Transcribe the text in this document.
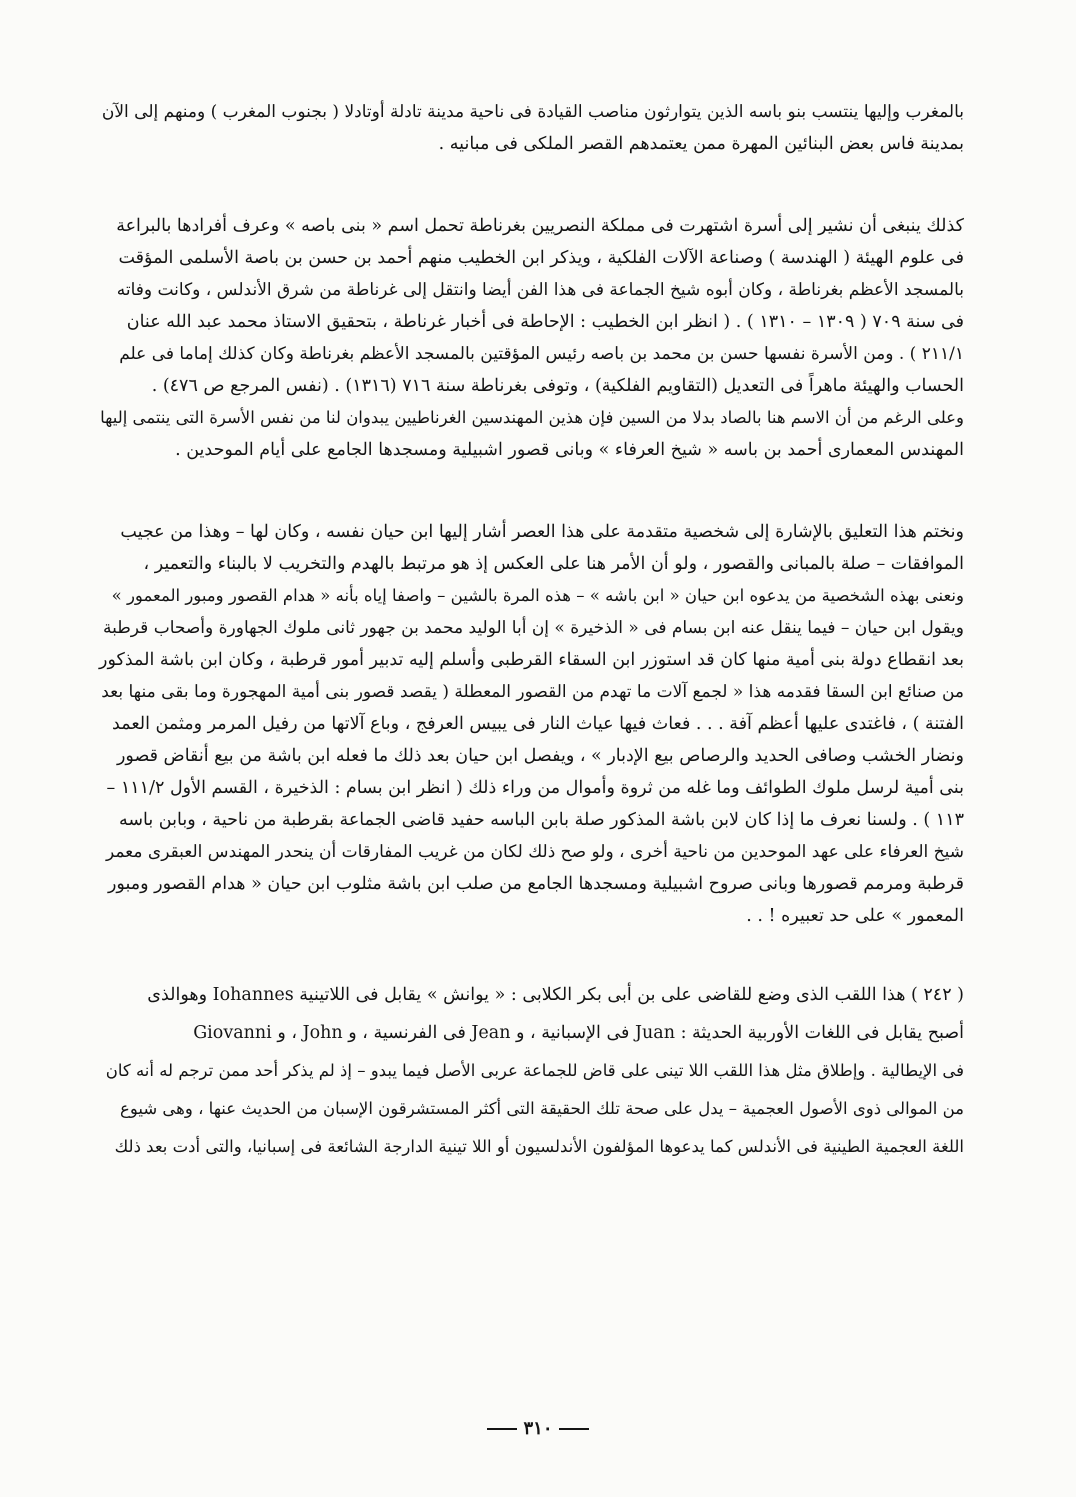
بالمغرب وإليها ينتسب بنو باسه الذين يتوارثون مناصب القيادة فى ناحية مدينة تادلة أوتادلا ( بجنوب المغرب ) ومنهم إلى الآن
بمدينة فاس بعض البنائين المهرة ممن يعتمدهم القصر الملكى فى مبانيه .

كذلك ينبغى أن نشير إلى أسرة اشتهرت فى مملكة النصريين بغرناطة تحمل اسم « بنى باصه » وعرف أفرادها بالبراعة
فى علوم الهيئة ( الهندسة ) وصناعة الآلات الفلكية ، ويذكر ابن الخطيب منهم أحمد بن حسن بن باصة الأسلمى المؤقت
بالمسجد الأعظم بغرناطة ، وكان أبوه شيخ الجماعة فى هذا الفن أيضا وانتقل إلى غرناطة من شرق الأندلس ، وكانت وفاته
فى سنة ٧٠٩ ( ١٣٠٩ – ١٣١٠ ) . ( انظر ابن الخطيب : الإحاطة فى أخبار غرناطة ، بتحقيق الاستاذ محمد عبد الله عنان
٢١١/١ ) . ومن الأسرة نفسها حسن بن محمد بن باصه رئيس المؤقتين بالمسجد الأعظم بغرناطة وكان كذلك إماما فى علم
الحساب والهيئة ماهراً فى التعديل (التقاويم الفلكية) ، وتوفى بغرناطة سنة ٧١٦ (١٣١٦) . (نفس المرجع ص ٤٧٦) .
وعلى الرغم من أن الاسم هنا بالصاد بدلا من السين فإن هذين المهندسين الغرناطيين يبدوان لنا من نفس الأسرة التى ينتمى إليها
المهندس المعمارى أحمد بن باسه « شيخ العرفاء » وبانى قصور اشبيلية ومسجدها الجامع على أيام الموحدين .

ونختم هذا التعليق بالإشارة إلى شخصية متقدمة على هذا العصر أشار إليها ابن حيان نفسه ، وكان لها – وهذا من عجيب
الموافقات – صلة بالمبانى والقصور ، ولو أن الأمر هنا على العكس إذ هو مرتبط بالهدم والتخريب لا بالبناء والتعمير ،
ونعنى بهذه الشخصية من يدعوه ابن حيان « ابن باشه » – هذه المرة بالشين – واصفا إياه بأنه « هدام القصور ومبور المعمور »
ويقول ابن حيان – فيما ينقل عنه ابن بسام فى « الذخيرة » إن أبا الوليد محمد بن جهور ثانى ملوك الجهاورة وأصحاب قرطبة
بعد انقطاع دولة بنى أمية منها كان قد استوزر ابن السقاء القرطبى وأسلم إليه تدبير أمور قرطبة ، وكان ابن باشة المذكور
من صنائع ابن السقا فقدمه هذا « لجمع آلات ما تهدم من القصور المعطلة ( يقصد قصور بنى أمية المهجورة وما بقى منها بعد
الفتنة ) ، فاغتدى عليها أعظم آفة . . . فعاث فيها عياث النار فى يبيس العرفج ، وباع آلاتها من رفيل المرمر ومثمن العمد
ونضار الخشب وصافى الحديد والرصاص بيع الإدبار » ، ويفصل ابن حيان بعد ذلك ما فعله ابن باشة من بيع أنقاض قصور
بنى أمية لرسل ملوك الطوائف وما غله من ثروة وأموال من وراء ذلك ( انظر ابن بسام : الذخيرة ، القسم الأول ١١١/٢ –
١١٣ ) . ولسنا نعرف ما إذا كان لابن باشة المذكور صلة بابن الباسه حفيد قاضى الجماعة بقرطبة من ناحية ، وبابن باسه
شيخ العرفاء على عهد الموحدين من ناحية أخرى ، ولو صح ذلك لكان من غريب المفارقات أن ينحدر المهندس العبقرى معمر
قرطبة ومرمم قصورها وبانى صروح اشبيلية ومسجدها الجامع من صلب ابن باشة مثلوب ابن حيان « هدام القصور ومبور
المعمور » على حد تعبيره ! . .

( ٢٤٢ ) هذا اللقب الذى وضع للقاضى على بن أبى بكر الكلابى : « يوانش » يقابل فى اللاتينية Iohannes وهوالذى
أصبح يقابل فى اللغات الأوربية الحديثة : Juan فى الإسبانية ، و Jean فى الفرنسية ، و John ، و Giovanni
فى الإيطالية . وإطلاق مثل هذا اللقب اللا تينى على قاض للجماعة عربى الأصل فيما يبدو – إذ لم يذكر أحد ممن ترجم له أنه كان
من الموالى ذوى الأصول العجمية – يدل على صحة تلك الحقيقة التى أكثر المستشرقون الإسبان من الحديث عنها ، وهى شيوع
اللغة العجمية الطينية فى الأندلس كما يدعوها المؤلفون الأندلسيون أو اللا تينية الدارجة الشائعة فى إسبانيا، والتى أدت بعد ذلك

٣١٠
